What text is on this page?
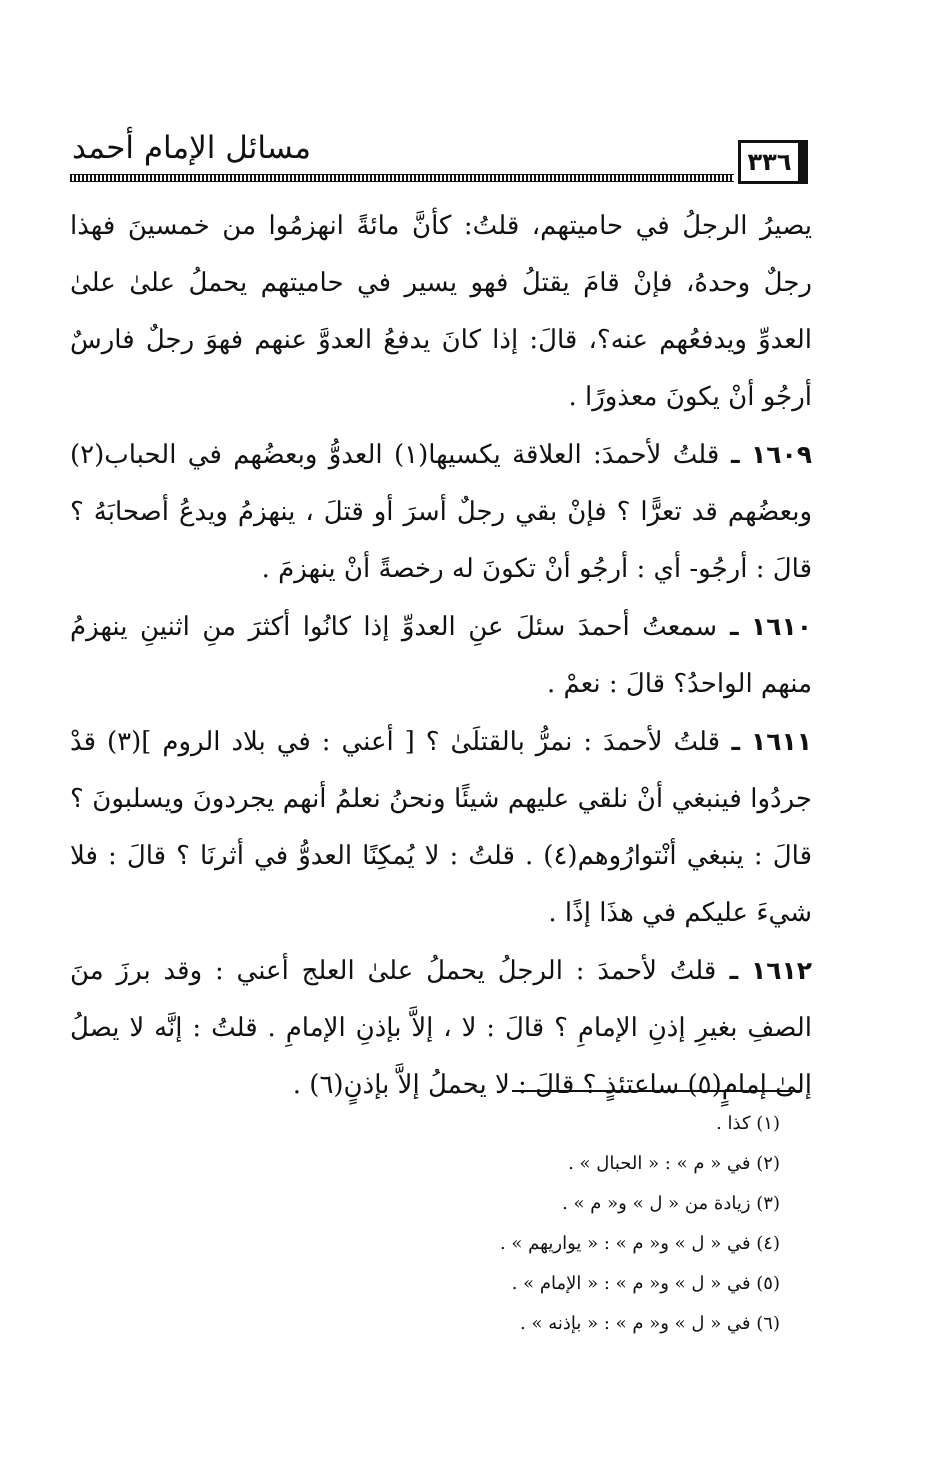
مسائل الإمام أحمد	٣٣٦

يصيرُ الرجلُ في حاميتهم، قلتُ: كأنَّ مائةً انهزمُوا من خمسينَ فهذا رجلٌ وحدهُ، فإنْ قامَ يقتلُ فهو يسير في حاميتهم يحملُ علىٰ علىٰ العدوِّ ويدفعُهم عنه؟، قالَ: إذا كانَ يدفعُ العدوَّ عنهم فهوَ رجلٌ فارسٌ أرجُو أنْ يكونَ معذورًا .

١٦٠٩ ـ قلتُ لأحمدَ: العلاقة يكسيها(١) العدوُّ وبعضُهم في الحباب(٢) وبعضُهم قد تعرًّا ؟ فإنْ بقي رجلٌ أسرَ أو قتلَ ، ينهزمُ ويدعُ أصحابَهُ ؟ قالَ : أرجُو- أي : أرجُو أنْ تكونَ له رخصةً أنْ ينهزمَ .

١٦١٠ ـ سمعتُ أحمدَ سئلَ عنِ العدوِّ إذا كانُوا أكثرَ منِ اثنينِ ينهزمُ منهم الواحدُ؟ قالَ : نعمْ .

١٦١١ ـ قلتُ لأحمدَ : نمرُّ بالقتلَىٰ ؟ [ أعني : في بلاد الروم ](٣) قدْ جردُوا فينبغي أنْ نلقي عليهم شيئًا ونحنُ نعلمُ أنهم يجردونَ ويسلبونَ ؟ قالَ : ينبغي أنْتوارُوهم(٤) . قلتُ : لا يُمكِنًا العدوُّ في أثرنَا ؟ قالَ : فلا شيءَ عليكم في هذَا إذًا .

١٦١٢ ـ قلتُ لأحمدَ : الرجلُ يحملُ علىٰ العلج أعني : وقد برزَ منَ الصفِ بغيرِ إذنِ الإمامِ ؟ قالَ : لا ، إلاَّ بإذنِ الإمامِ . قلتُ : إنَّه لا يصلُ إلىٰ إمامٍ(٥) ساعتئذٍ ؟ قالَ : لا يحملُ إلاَّ بإذنٍ(٦) .

(١) كذا .

(٢) في « م » : « الحبال » .

(٣) زيادة من « ل » و« م » .

(٤) في « ل » و« م » : « يواريهم » .

(٥) في « ل » و« م » : « الإمام » .

(٦) في « ل » و« م » : « بإذنه » .
